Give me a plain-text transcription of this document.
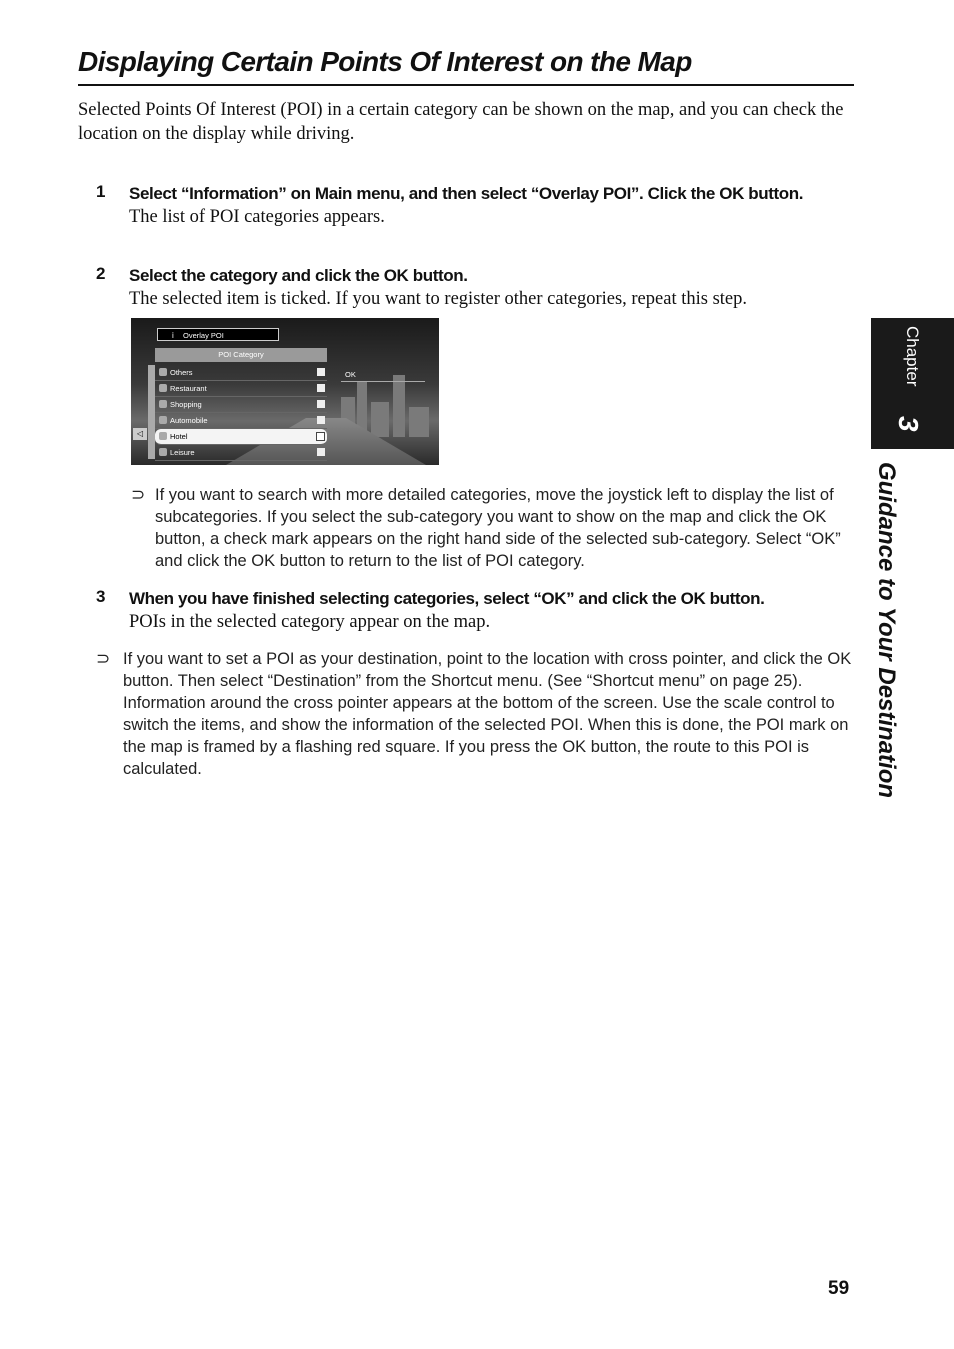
Displaying Certain Points Of Interest on the Map

Selected Points Of Interest (POI) in a certain category can be shown on the map, and you can check the location on the display while driving.

1 Select “Information” on Main menu, and then select “Overlay POI”. Click the OK button.

The list of POI categories appears.

2 Select the category and click the OK button.

The selected item is ticked. If you want to register other categories, repeat this step.

i Overlay POI
POI Category
◁
Others
Restaurant
Shopping
Automobile
Hotel
Leisure
OK
⊃ If you want to search with more detailed categories, move the joystick left to display the list of subcategories. If you select the sub-category you want to show on the map and click the OK button, a check mark appears on the right hand side of the selected sub-category. Select “OK” and click the OK button to return to the list of POI category.

3 When you have finished selecting categories, select “OK” and click the OK button.

POIs in the selected category appear on the map.

⊃ If you want to set a POI as your destination, point to the location with cross pointer, and click the OK button. Then select “Destination” from the Shortcut menu. (See “Shortcut menu” on page 25). Information around the cross pointer appears at the bottom of the screen. Use the scale control to switch the items, and show the information of the selected POI. When this is done, the POI mark on the map is framed by a flashing red square. If you press the OK button, the route to this POI is calculated.

Chapter
3
Guidance to Your Destination
59
